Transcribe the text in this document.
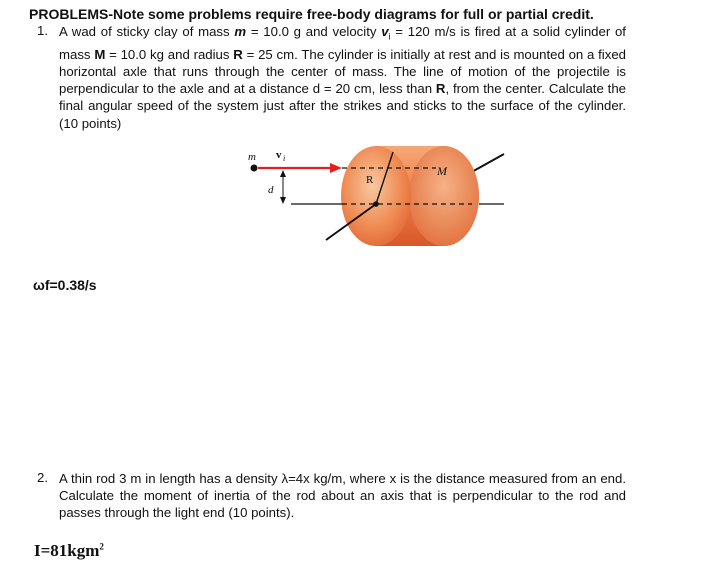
PROBLEMS-Note some problems require free-body diagrams for full or partial credit.
1. A wad of sticky clay of mass m = 10.0 g and velocity $v_i = 120$ m/s is fired at a solid cylinder of mass M = 10.0 kg and radius R = 25 cm. The cylinder is initially at rest and is mounted on a fixed horizontal axle that runs through the center of mass. The line of motion of the projectile is perpendicular to the axle and at a distance d = 20 cm, less than R, from the center. Calculate the final angular speed of the system just after the strikes and sticks to the surface of the cylinder. (10 points)
m v i
d
R
M
ωf=0.38/s
2. A thin rod 3 m in length has a density λ=4x kg/m, where x is the distance measured from an end. Calculate the moment of inertia of the rod about an axis that is perpendicular to the rod and passes through the light end (10 points).
I=81kgm$^2$
